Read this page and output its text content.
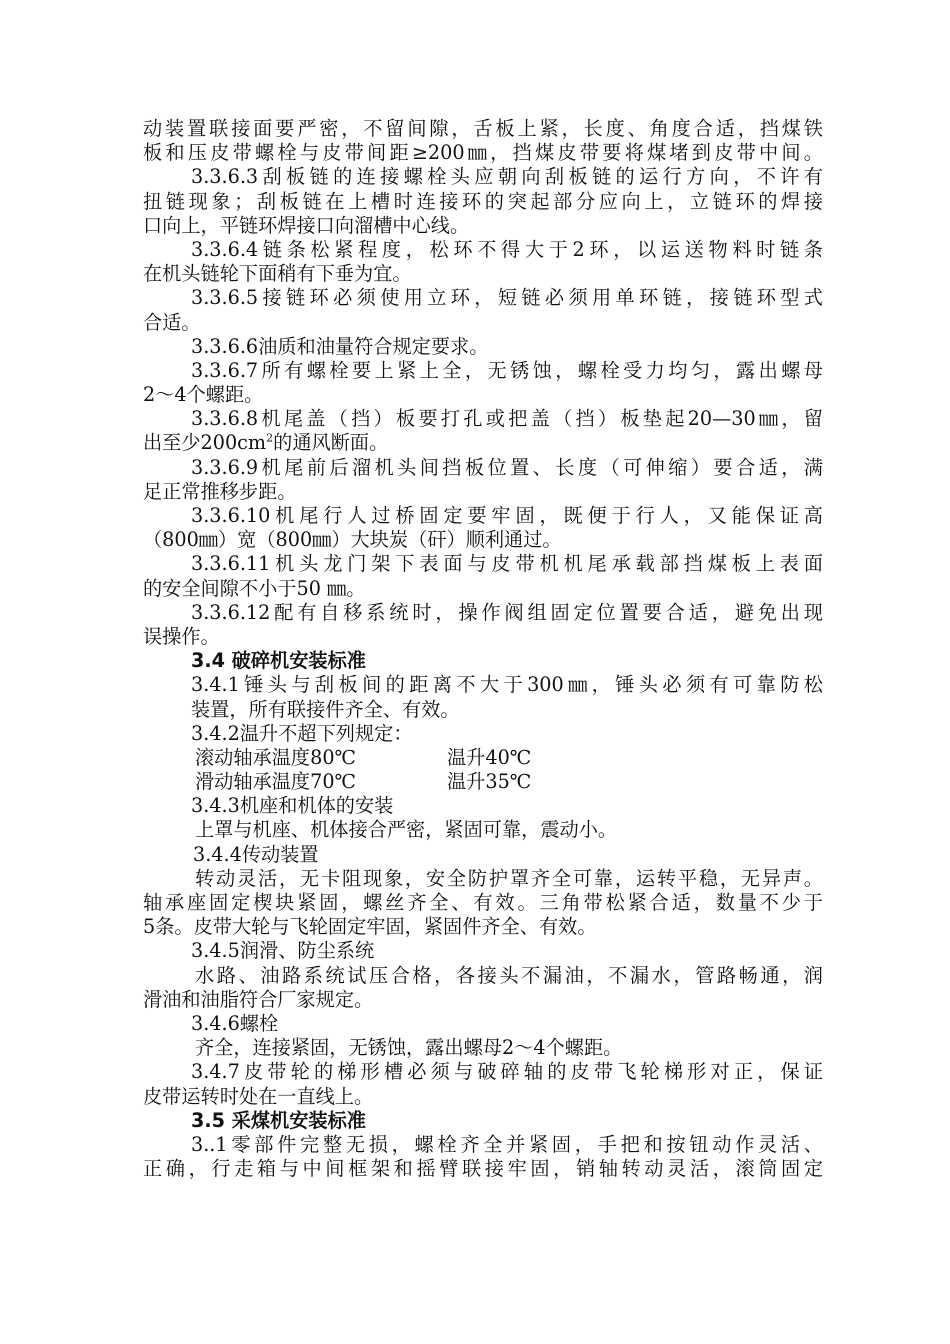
动装置联接面要严密，不留间隙，舌板上紧，长度、角度合适，挡煤铁
板和压皮带螺栓与皮带间距≥200㎜，挡煤皮带要将煤堵到皮带中间。
3.3.6.3刮板链的连接螺栓头应朝向刮板链的运行方向，不许有
扭链现象；刮板链在上槽时连接环的突起部分应向上，立链环的焊接
口向上，平链环焊接口向溜槽中心线。
3.3.6.4链条松紧程度，松环不得大于2环，以运送物料时链条
在机头链轮下面稍有下垂为宜。
3.3.6.5接链环必须使用立环，短链必须用单环链，接链环型式
合适。
3.3.6.6油质和油量符合规定要求。
3.3.6.7所有螺栓要上紧上全，无锈蚀，螺栓受力均匀，露出螺母
2～4个螺距。
3.3.6.8机尾盖（挡）板要打孔或把盖（挡）板垫起20—30㎜，留
出至少$200cm^2$的通风断面。
3.3.6.9机尾前后溜机头间挡板位置、长度（可伸缩）要合适，满
足正常推移步距。
3.3.6.10机尾行人过桥固定要牢固，既便于行人，又能保证高
（800㎜）宽（800㎜）大块炭（矸）顺利通过。
3.3.6.11机头龙门架下表面与皮带机机尾承载部挡煤板上表面
的安全间隙不小于50 ㎜。
3.3.6.12配有自移系统时，操作阀组固定位置要合适，避免出现
误操作。
3.4 破碎机安装标准
3.4.1锤头与刮板间的距离不大于300㎜，锤头必须有可靠防松
装置，所有联接件齐全、有效。
3.4.2温升不超下列规定：
滚动轴承温度80℃	温升40℃
滑动轴承温度70℃	温升35℃
3.4.3机座和机体的安装
上罩与机座、机体接合严密，紧固可靠，震动小。
3.4.4传动装置
转动灵活，无卡阻现象，安全防护罩齐全可靠，运转平稳，无异声。
轴承座固定楔块紧固，螺丝齐全、有效。三角带松紧合适，数量不少于
5条。皮带大轮与飞轮固定牢固，紧固件齐全、有效。
3.4.5润滑、防尘系统
水路、油路系统试压合格，各接头不漏油，不漏水，管路畅通，润
滑油和油脂符合厂家规定。
3.4.6螺栓
齐全，连接紧固，无锈蚀，露出螺母2～4个螺距。
3.4.7皮带轮的梯形槽必须与破碎轴的皮带飞轮梯形对正，保证
皮带运转时处在一直线上。
3.5 采煤机安装标准
3..1零部件完整无损，螺栓齐全并紧固，手把和按钮动作灵活、
正确，行走箱与中间框架和摇臂联接牢固，销轴转动灵活，滚筒固定
